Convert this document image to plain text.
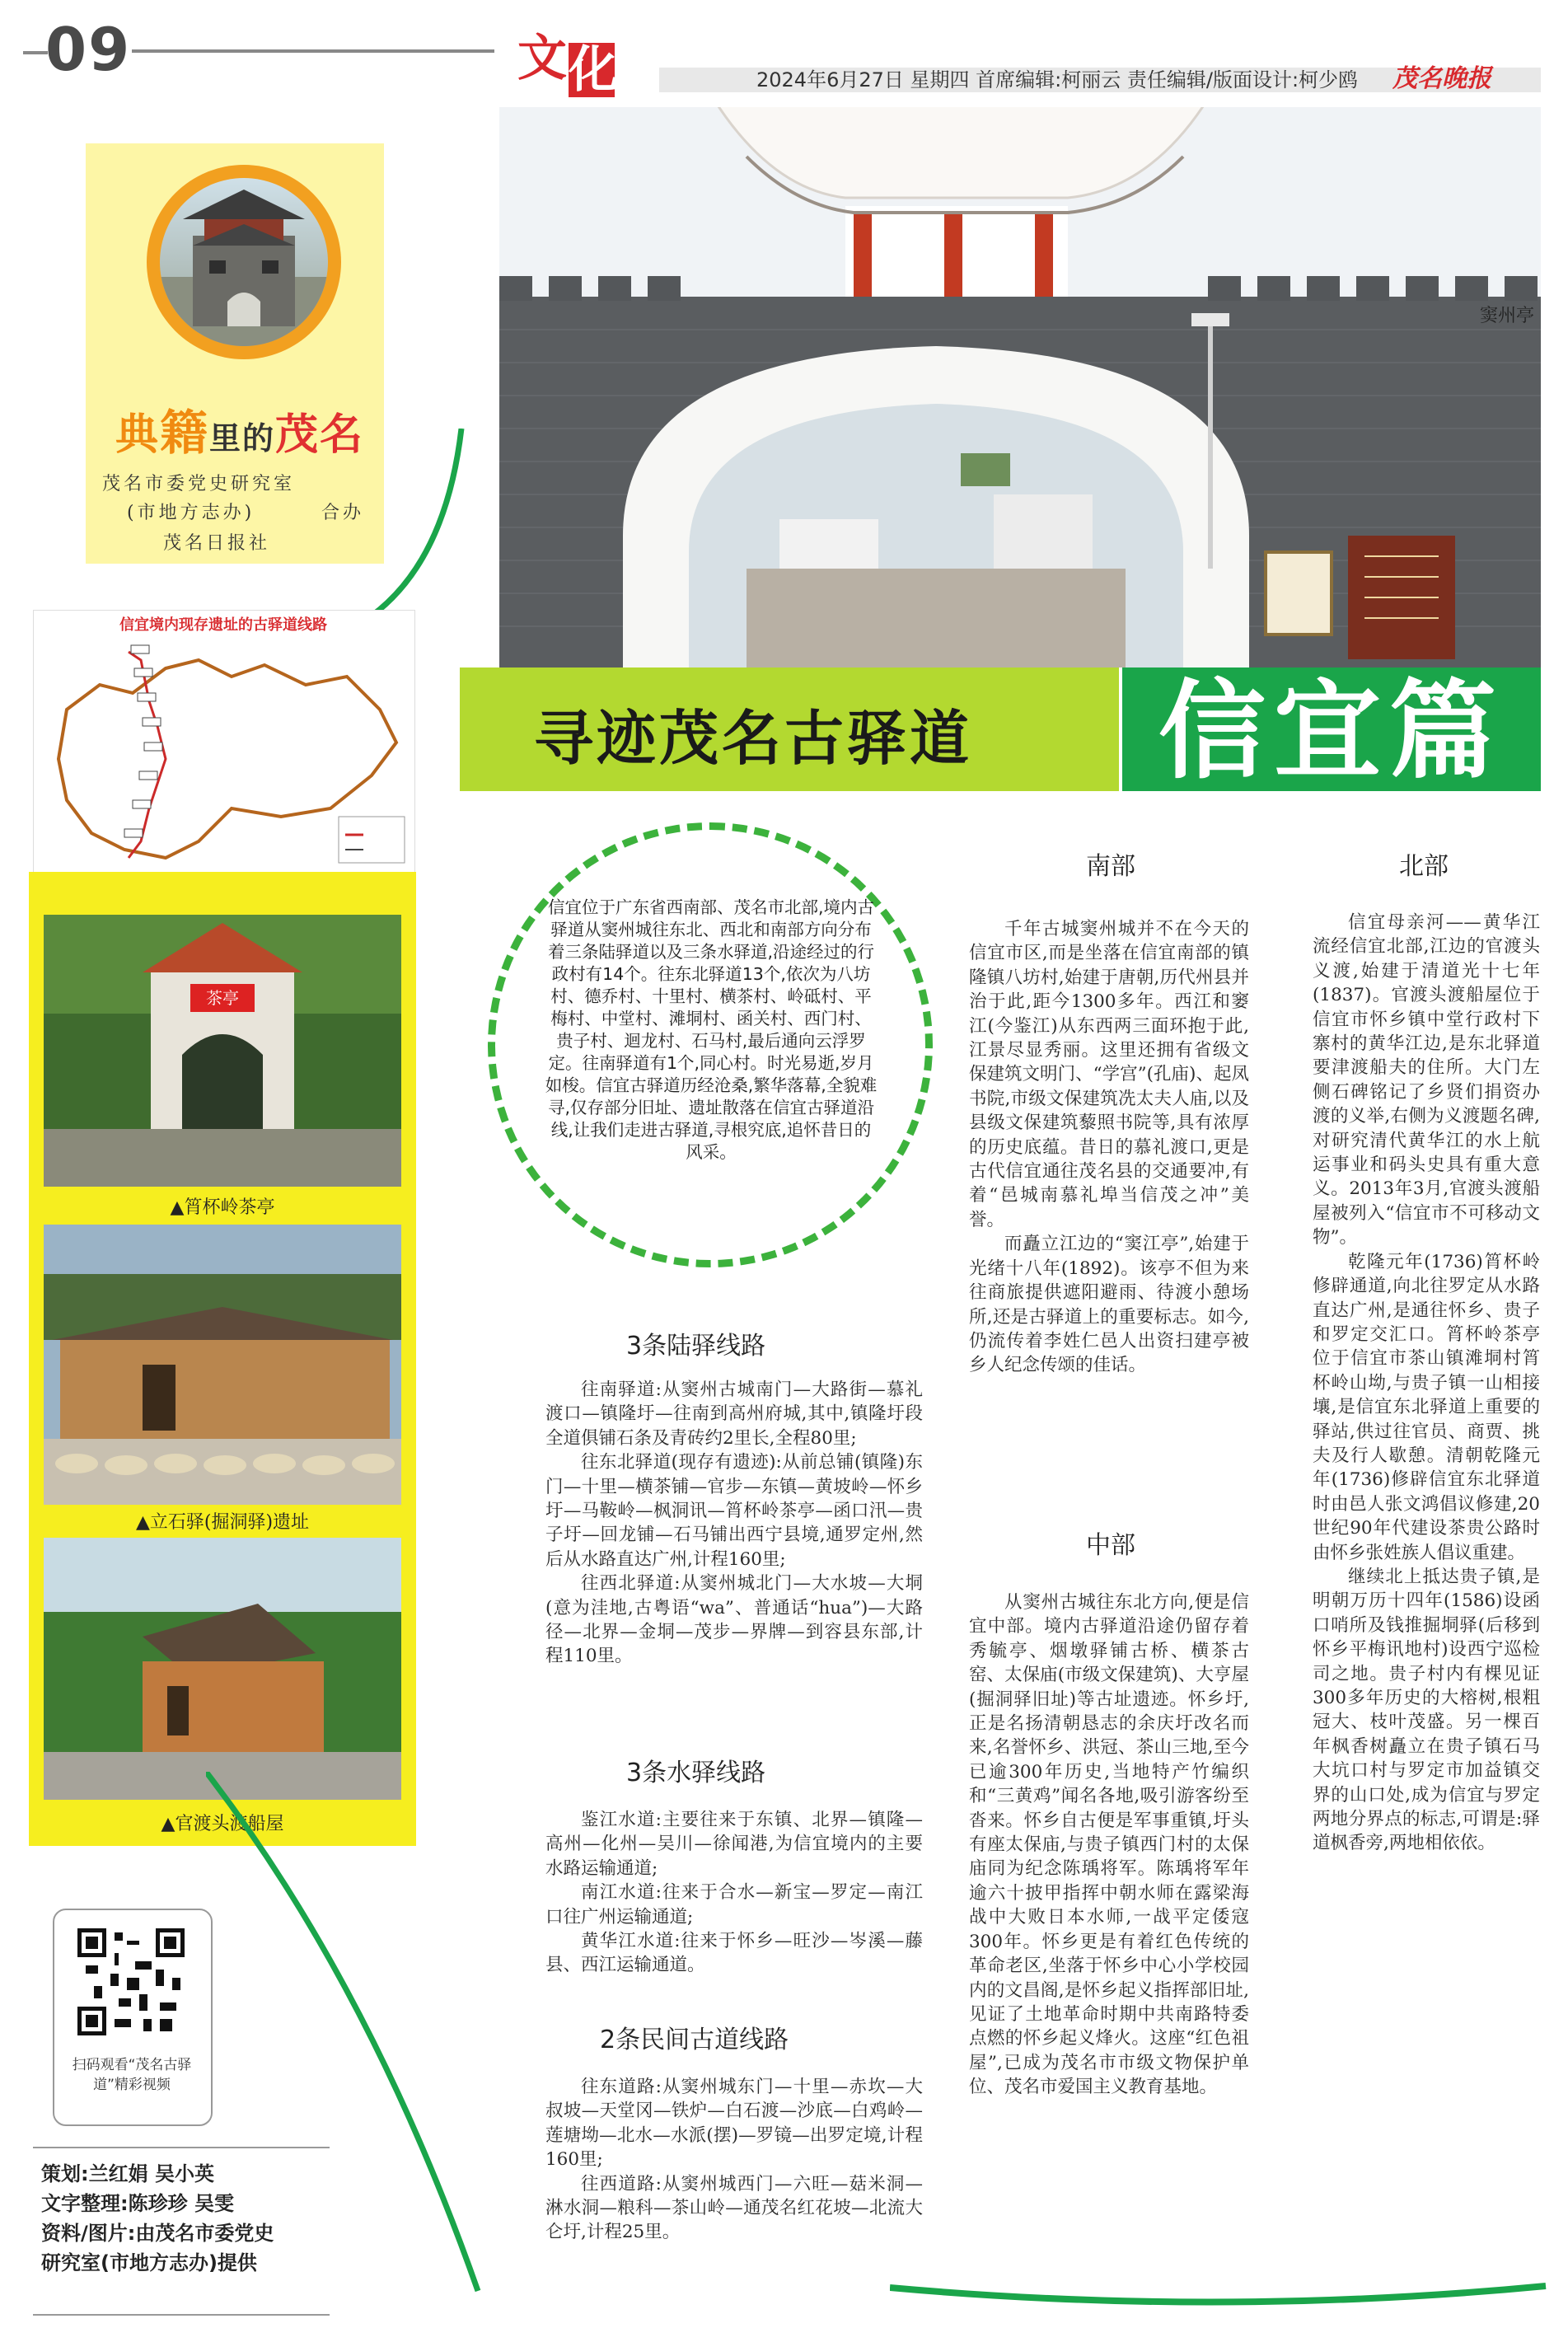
09	文 化	2024年6月27日 星期四 首席编辑:柯丽云 责任编辑/版面设计:柯少鸥 茂名晚报
典籍里的茂名
茂名市委党史研究室
(市地方志办)	合办
茂名日报社
信宜境内现存遗址的古驿道线路
茶亭
▲筲杯岭茶亭
▲立石驿(掘洞驿)遗址
▲官渡头渡船屋
扫码观看“茂名古驿道”精彩视频
策划:兰红娟 吴小英
文字整理:陈珍珍 吴雯
资料/图片:由茂名市委党史
研究室(市地方志办)提供
窦州亭
寻迹茂名古驿道 信宜篇
信宜位于广东省西南部、茂名市北部,境内古驿道从窦州城往东北、西北和南部方向分布着三条陆驿道以及三条水驿道,沿途经过的行政村有14个。往东北驿道13个,依次为八坊村、德乔村、十里村、横茶村、岭砥村、平梅村、中堂村、滩垌村、函关村、西门村、贵子村、迴龙村、石马村,最后通向云浮罗定。往南驿道有1个,同心村。时光易逝,岁月如梭。信宜古驿道历经沧桑,繁华落幕,全貌难寻,仅存部分旧址、遗址散落在信宜古驿道沿线,让我们走进古驿道,寻根究底,追怀昔日的风采。
3条陆驿线路

往南驿道:从窦州古城南门—大路街—慕礼渡口—镇隆圩—往南到高州府城,其中,镇隆圩段全道俱铺石条及青砖约2里长,全程80里;

往东北驿道(现存有遗迹):从前总铺(镇隆)东门—十里—横茶铺—官步—东镇—黄坡岭—怀乡圩—马鞍岭—枫洞讯—筲杯岭茶亭—函口汛—贵子圩—回龙铺—石马铺出西宁县境,通罗定州,然后从水路直达广州,计程160里;

往西北驿道:从窦州城北门—大水坡—大垌(意为洼地,古粤语“wa”、普通话“hua”)—大路径—北界—金垌—茂步—界牌—到容县东部,计程110里。

3条水驿线路

鉴江水道:主要往来于东镇、北界—镇隆—高州—化州—吴川—徐闻港,为信宜境内的主要水路运输通道;

南江水道:往来于合水—新宝—罗定—南江口往广州运输通道;

黄华江水道:往来于怀乡—旺沙—岑溪—藤县、西江运输通道。

2条民间古道线路

往东道路:从窦州城东门—十里—赤坎—大叔坡—天堂冈—铁炉—白石渡—沙底—白鸡岭—莲塘坳—北水—水派(摆)—罗镜—出罗定境,计程160里;

往西道路:从窦州城西门—六旺—菇米洞—淋水洞—粮科—茶山岭—通茂名红花坡—北流大仑圩,计程25里。

南部

千年古城窦州城并不在今天的信宜市区,而是坐落在信宜南部的镇隆镇八坊村,始建于唐朝,历代州县并治于此,距今1300多年。西江和窭江(今鉴江)从东西两三面环抱于此,江景尽显秀丽。这里还拥有省级文保建筑文明门、“学宫”(孔庙)、起凤书院,市级文保建筑冼太夫人庙,以及县级文保建筑藜照书院等,具有浓厚的历史底蕴。昔日的慕礼渡口,更是古代信宜通往茂名县的交通要冲,有着“邑城南慕礼埠当信茂之冲”美誉。

而矗立江边的“窦江亭”,始建于光绪十八年(1892)。该亭不但为来往商旅提供遮阳避雨、待渡小憩场所,还是古驿道上的重要标志。如今,仍流传着李姓仁邑人出资扫建亭被乡人纪念传颂的佳话。

中部

从窦州古城往东北方向,便是信宜中部。境内古驿道沿途仍留存着秀毓亭、烟墩驿铺古桥、横茶古窑、太保庙(市级文保建筑)、大亨屋(掘洞驿旧址)等古址遗迹。怀乡圩,正是名扬清朝恳志的余庆圩改名而来,名誉怀乡、洪冠、茶山三地,至今已逾300年历史,当地特产竹编织和“三黄鸡”闻名各地,吸引游客纷至沓来。怀乡自古便是军事重镇,圩头有座太保庙,与贵子镇西门村的太保庙同为纪念陈瑀将军。陈瑀将军年逾六十披甲指挥中朝水师在露梁海战中大败日本水师,一战平定倭寇300年。怀乡更是有着红色传统的革命老区,坐落于怀乡中心小学校园内的文昌阁,是怀乡起义指挥部旧址,见证了土地革命时期中共南路特委点燃的怀乡起义烽火。这座“红色祖屋”,已成为茂名市市级文物保护单位、茂名市爱国主义教育基地。

北部

信宜母亲河——黄华江流经信宜北部,江边的官渡头义渡,始建于清道光十七年(1837)。官渡头渡船屋位于信宜市怀乡镇中堂行政村下寨村的黄华江边,是东北驿道要津渡船夫的住所。大门左侧石碑铭记了乡贤们捐资办渡的义举,右侧为义渡题名碑,对研究清代黄华江的水上航运事业和码头史具有重大意义。2013年3月,官渡头渡船屋被列入“信宜市不可移动文物”。

乾隆元年(1736)筲杯岭修辟通道,向北往罗定从水路直达广州,是通往怀乡、贵子和罗定交汇口。筲杯岭茶亭位于信宜市茶山镇滩垌村筲杯岭山坳,与贵子镇一山相接壤,是信宜东北驿道上重要的驿站,供过往官员、商贾、挑夫及行人歇憩。清朝乾隆元年(1736)修辟信宜东北驿道时由邑人张文鸿倡议修建,20世纪90年代建设茶贵公路时由怀乡张姓族人倡议重建。

继续北上抵达贵子镇,是明朝万历十四年(1586)设函口哨所及钱推掘垌驿(后移到怀乡平梅讯地村)设西宁巡检司之地。贵子村内有棵见证300多年历史的大榕树,根粗冠大、枝叶茂盛。另一棵百年枫香树矗立在贵子镇石马大坑口村与罗定市加益镇交界的山口处,成为信宜与罗定两地分界点的标志,可谓是:驿道枫香旁,两地相依依。
